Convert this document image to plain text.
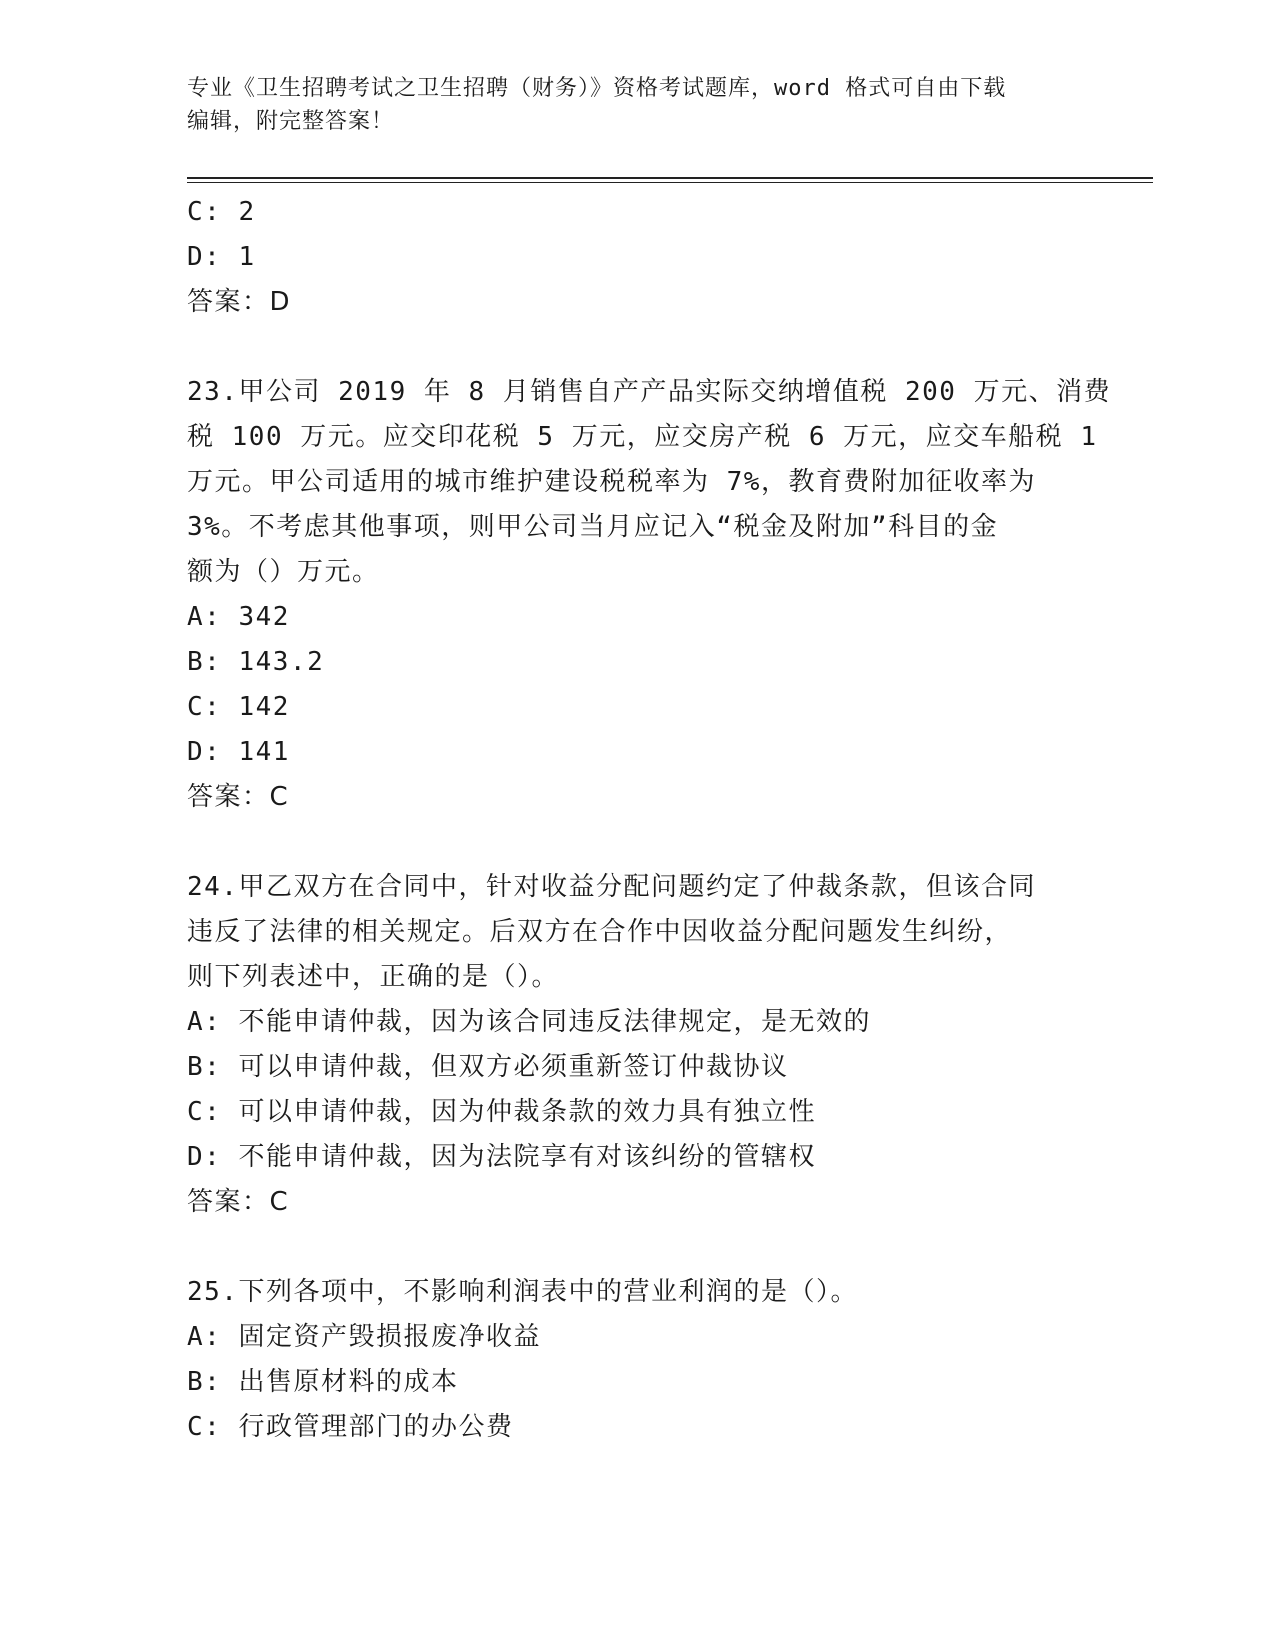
专业《卫生招聘考试之卫生招聘（财务）》资格考试题库，word 格式可自由下载
编辑，附完整答案！
C: 2
D: 1
答案：D
23.甲公司 2019 年 8 月销售自产产品实际交纳增值税 200 万元、消费
税 100 万元。应交印花税 5 万元，应交房产税 6 万元，应交车船税 1
万元。甲公司适用的城市维护建设税税率为 7%，教育费附加征收率为
3%。不考虑其他事项，则甲公司当月应记入“税金及附加”科目的金
额为（）万元。
A: 342
B: 143.2
C: 142
D: 141
答案：C
24.甲乙双方在合同中，针对收益分配问题约定了仲裁条款，但该合同
违反了法律的相关规定。后双方在合作中因收益分配问题发生纠纷，
则下列表述中，正确的是（）。
A: 不能申请仲裁，因为该合同违反法律规定，是无效的
B: 可以申请仲裁，但双方必须重新签订仲裁协议
C: 可以申请仲裁，因为仲裁条款的效力具有独立性
D: 不能申请仲裁，因为法院享有对该纠纷的管辖权
答案：C
25.下列各项中，不影响利润表中的营业利润的是（）。
A: 固定资产毁损报废净收益
B: 出售原材料的成本
C: 行政管理部门的办公费
